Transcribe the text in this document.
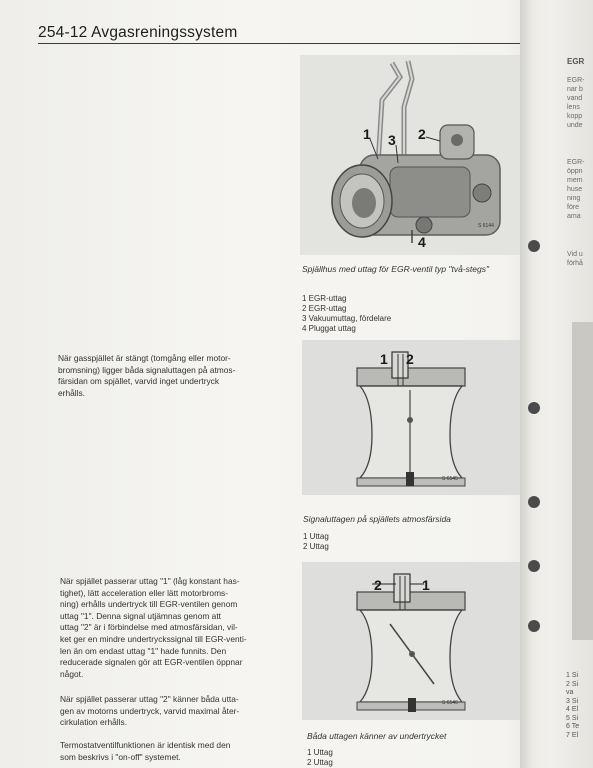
254-12 Avgasreningssystem
När gasspjället är stängt (tomgång eller motor-
bromsning) ligger båda signaluttagen på atmos-
färsidan om spjället, varvid inget undertryck
erhålls.
När spjället passerar uttag "1" (låg konstant has-
tighet), lätt acceleration eller lätt motorbroms-
ning) erhålls undertryck till EGR-ventilen genom
uttag "1". Denna signal utjämnas genom att
uttag "2" är i förbindelse med atmosfärsidan, vil-
ket ger en mindre undertryckssignal till EGR-venti-
len än om endast uttag "1" hade funnits. Den
reducerade signalen gör att EGR-ventilen öppnar
något.
När spjället passerar uttag "2" känner båda utta-
gen av motorns undertryck, varvid maximal åter-
cirkulation erhålls.
Termostatventilfunktionen är identisk med den
som beskrivs i "on-off" systemet.
1 3 2
4
S 6144
Spjällhus med uttag för EGR-ventil typ "två-stegs"
1 EGR-uttag
2 EGR-uttag
3 Vakuumuttag, fördelare
4 Pluggat uttag
1 2
S 6145
Signaluttagen på spjällets atmosfärsida
1 Uttag
2 Uttag
2	1
S 6146
Båda uttagen känner av undertrycket
1 Uttag
2 Uttag
EGR
EGR-
nar b
vand
lens
kopp
unde
EGR-
öppn
mem
huse
ning
före
ama
Vid u
förhå
1 Si
2 Si
va
3 Si
4 El
5 Si
6 Te
7 El
